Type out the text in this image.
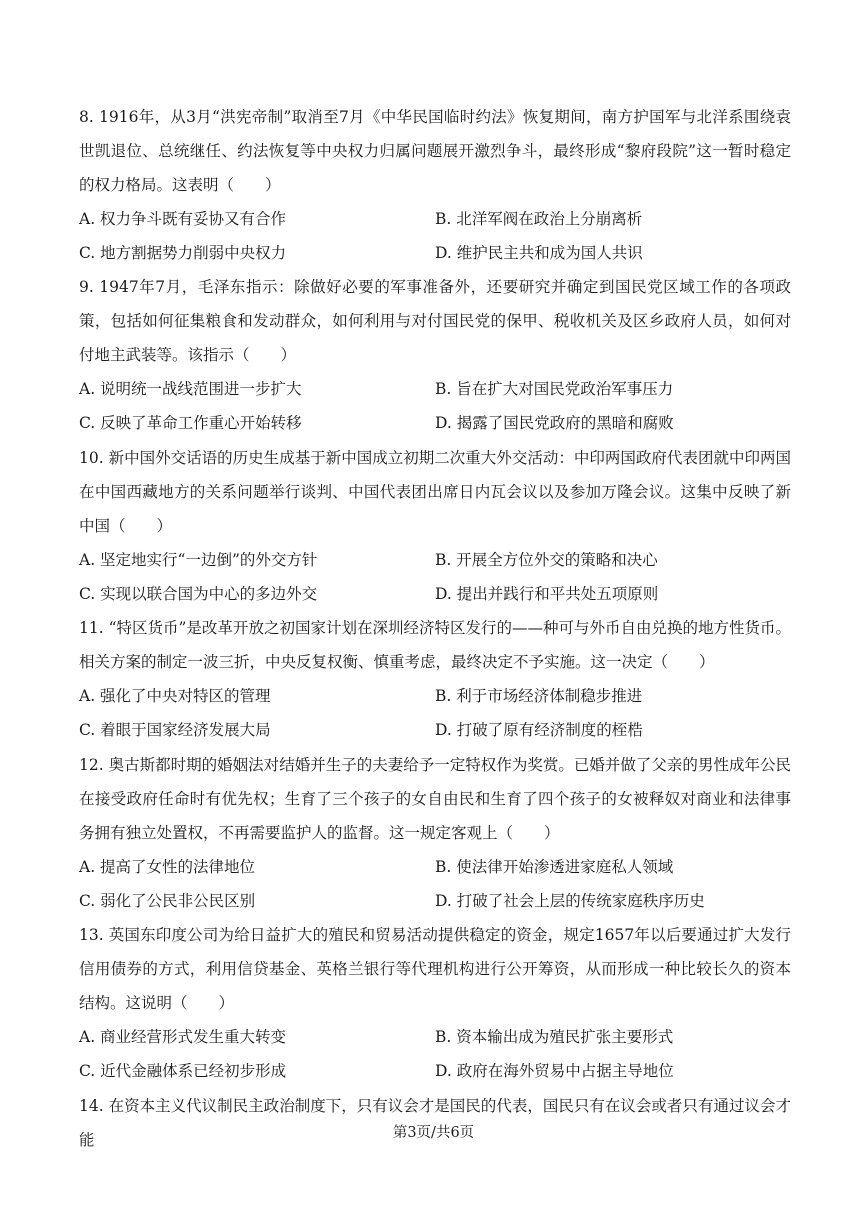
8. 1916年，从3月“洪宪帝制”取消至7月《中华民国临时约法》恢复期间，南方护国军与北洋系围绕袁世凯退位、总统继任、约法恢复等中央权力归属问题展开激烈争斗，最终形成“黎府段院”这一暂时稳定的权力格局。这表明（　　）

A. 权力争斗既有妥协又有合作	B. 北洋军阀在政治上分崩离析
C. 地方割据势力削弱中央权力	D. 维护民主共和成为国人共识

9. 1947年7月，毛泽东指示：除做好必要的军事准备外，还要研究并确定到国民党区域工作的各项政策，包括如何征集粮食和发动群众，如何利用与对付国民党的保甲、税收机关及区乡政府人员，如何对付地主武装等。该指示（　　）

A. 说明统一战线范围进一步扩大	B. 旨在扩大对国民党政治军事压力
C. 反映了革命工作重心开始转移	D. 揭露了国民党政府的黑暗和腐败

10. 新中国外交话语的历史生成基于新中国成立初期二次重大外交活动：中印两国政府代表团就中印两国在中国西藏地方的关系问题举行谈判、中国代表团出席日内瓦会议以及参加万隆会议。这集中反映了新中国（　　）

A. 坚定地实行“一边倒”的外交方针	B. 开展全方位外交的策略和决心
C. 实现以联合国为中心的多边外交	D. 提出并践行和平共处五项原则

11. “特区货币”是改革开放之初国家计划在深圳经济特区发行的——种可与外币自由兑换的地方性货币。相关方案的制定一波三折，中央反复权衡、慎重考虑，最终决定不予实施。这一决定（　　）

A. 强化了中央对特区的管理	B. 利于市场经济体制稳步推进
C. 着眼于国家经济发展大局	D. 打破了原有经济制度的桎梏

12. 奥古斯都时期的婚姻法对结婚并生子的夫妻给予一定特权作为奖赏。已婚并做了父亲的男性成年公民在接受政府任命时有优先权；生育了三个孩子的女自由民和生育了四个孩子的女被释奴对商业和法律事务拥有独立处置权，不再需要监护人的监督。这一规定客观上（　　）

A. 提高了女性的法律地位	B. 使法律开始渗透进家庭私人领域
C. 弱化了公民非公民区别	D. 打破了社会上层的传统家庭秩序历史

13. 英国东印度公司为给日益扩大的殖民和贸易活动提供稳定的资金，规定1657年以后要通过扩大发行信用债券的方式，利用信贷基金、英格兰银行等代理机构进行公开筹资，从而形成一种比较长久的资本结构。这说明（　　）

A. 商业经营形式发生重大转变	B. 资本输出成为殖民扩张主要形式
C. 近代金融体系已经初步形成	D. 政府在海外贸易中占据主导地位

14. 在资本主义代议制民主政治制度下，只有议会才是国民的代表，国民只有在议会或者只有通过议会才能	第3页/共6页
